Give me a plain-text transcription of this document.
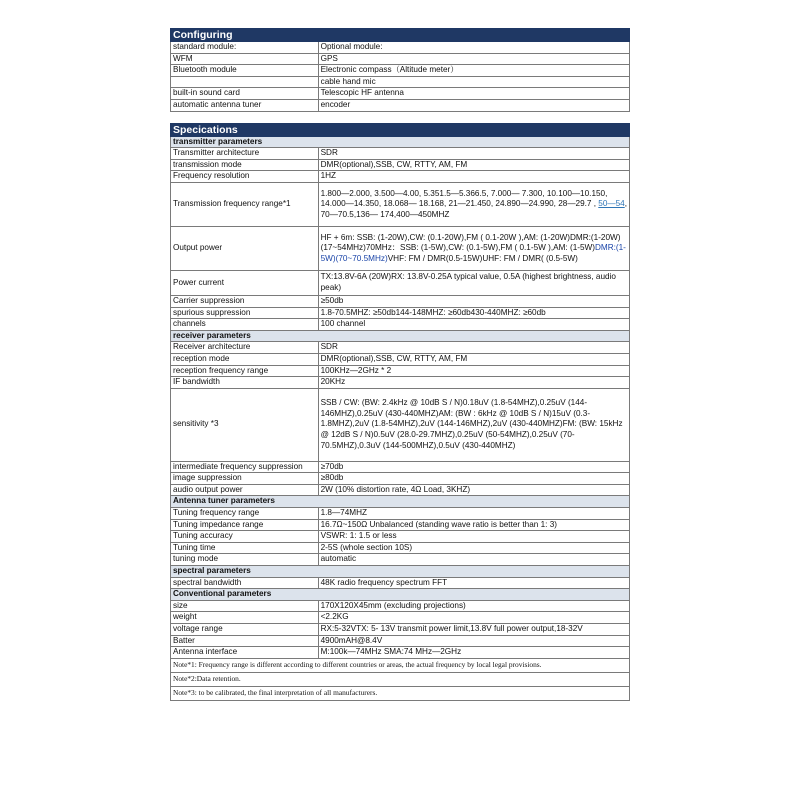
Configuring	
standard module:	Optional module:
WFM	GPS
Bluetooth module	Electronic compass（Altitude meter）
	cable hand mic
built-in sound card	Telescopic HF antenna
automatic antenna tuner	encoder

Specications	
transmitter parameters	
Transmitter architecture	SDR
transmission mode	DMR(optional),SSB, CW, RTTY, AM, FM
Frequency resolution	1HZ
Transmission frequency range*1	1.800—2.000, 3.500—4.00, 5.351.5—5.366.5, 7.000— 7.300, 10.100—10.150, 14.000—14.350, 18.068— 18.168, 21—21.450, 24.890—24.990, 28—29.7 , 50—54, 70—70.5,136— 174,400—450MHZ
Output power	HF + 6m: SSB: (1-20W),CW: (0.1-20W),FM ( 0.1-20W ),AM: (1-20W)DMR:(1-20W)(17~54MHz)70MHz：SSB: (1-5W),CW: (0.1-5W),FM ( 0.1-5W ),AM: (1-5W)DMR:(1-5W)(70~70.5MHz)VHF: FM / DMR(0.5-15W)UHF: FM / DMR( (0.5-5W)
Power current	TX:13.8V-6A (20W)RX: 13.8V-0.25A typical value, 0.5A (highest brightness, audio peak)
Carrier suppression	≥50db
spurious suppression	1.8-70.5MHZ: ≥50db144-148MHZ: ≥60db430-440MHZ: ≥60db
channels	100 channel
receiver parameters	
Receiver architecture	SDR
reception mode	DMR(optional),SSB, CW, RTTY, AM, FM
reception frequency range	100KHz—2GHz * 2
IF bandwidth	20KHz
sensitivity *3	SSB / CW: (BW: 2.4kHz @ 10dB S / N)0.18uV (1.8-54MHZ),0.25uV (144-146MHZ),0.25uV (430-440MHZ)AM: (BW : 6kHz @ 10dB S / N)15uV (0.3-1.8MHZ),2uV (1.8-54MHZ),2uV (144-146MHZ),2uV (430-440MHZ)FM: (BW: 15kHz @ 12dB S / N)0.5uV (28.0-29.7MHZ),0.25uV (50-54MHZ),0.25uV (70-70.5MHZ),0.3uV (144-500MHZ),0.5uV (430-440MHZ)
intermediate frequency suppression	≥70db
image suppression	≥80db
audio output power	2W (10% distortion rate, 4Ω Load, 3KHZ)
Antenna tuner parameters	
Tuning frequency range	1.8—74MHZ
Tuning impedance range	16.7Ω~150Ω Unbalanced (standing wave ratio is better than 1: 3)
Tuning accuracy	VSWR: 1: 1.5 or less
Tuning time	2-5S (whole section 10S)
tuning mode	automatic
spectral parameters	
spectral bandwidth	48K radio frequency spectrum FFT
Conventional parameters	
size	170X120X45mm (excluding projections)
weight	<2.2KG
voltage range	RX:5-32VTX: 5- 13V transmit power limit,13.8V full power output,18-32V
Batter	4900mAH@8.4V
Antenna interface	M:100k—74MHz SMA:74 MHz—2GHz
Note*1: Frequency range is different according to different countries or areas, the actual frequency by local legal provisions.	
Note*2:Data retention.	
Note*3: to be calibrated, the final interpretation of all manufacturers.	
